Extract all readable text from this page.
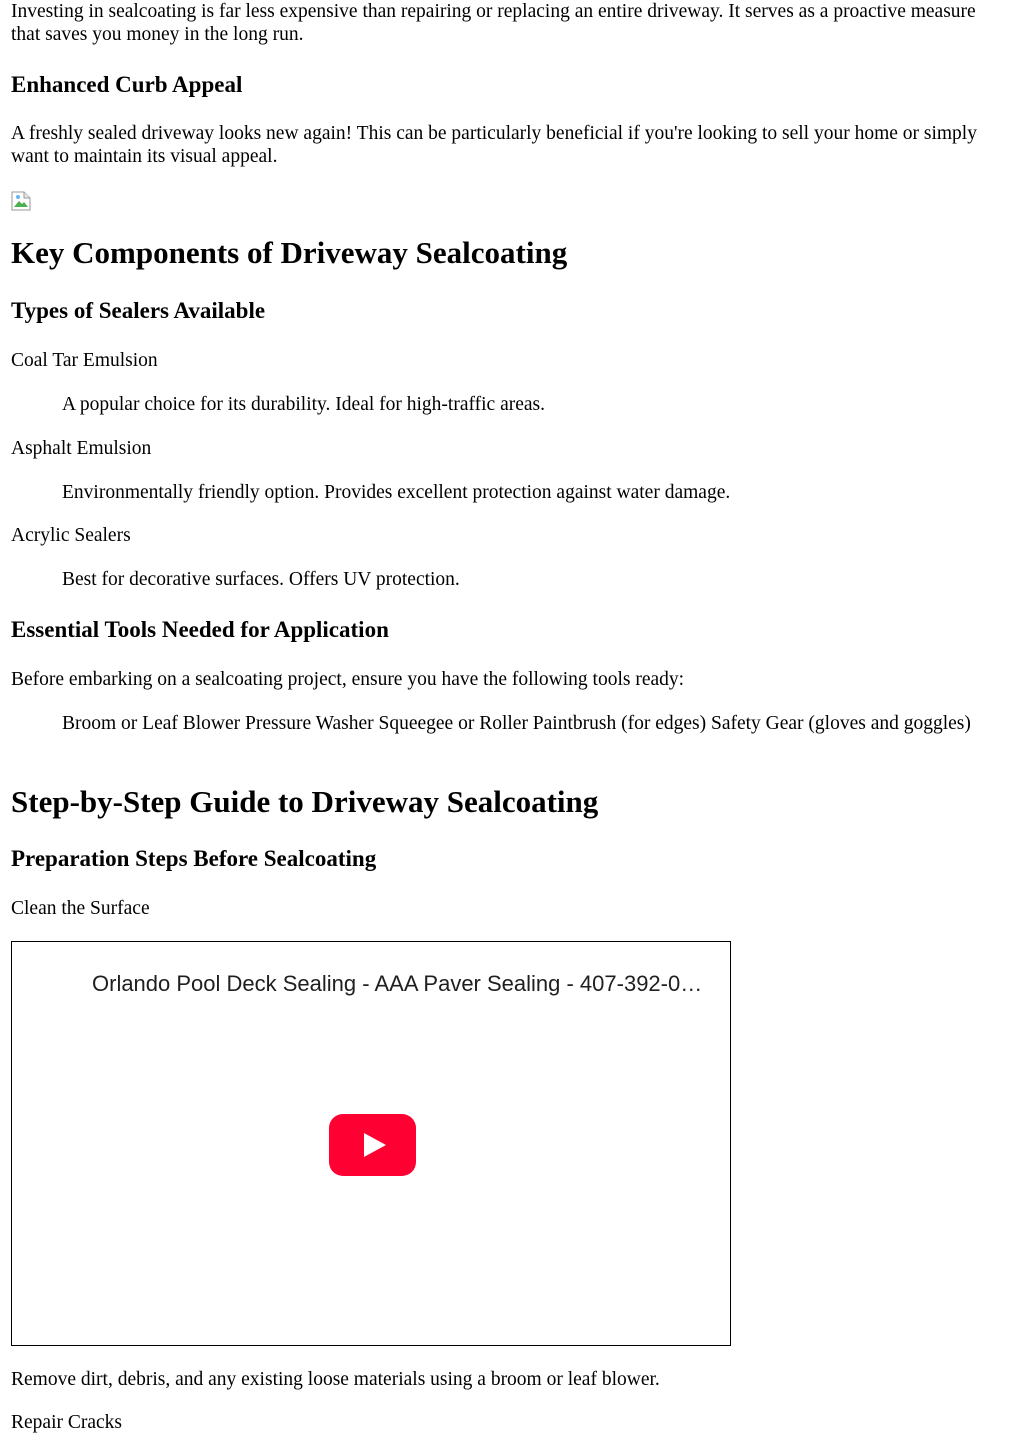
Investing in sealcoating is far less expensive than repairing or replacing an entire driveway. It serves as a proactive measure that saves you money in the long run.

Enhanced Curb Appeal

A freshly sealed driveway looks new again! This can be particularly beneficial if you're looking to sell your home or simply want to maintain its visual appeal.

Key Components of Driveway Sealcoating
Types of Sealers Available

Coal Tar Emulsion

A popular choice for its durability. Ideal for high-traffic areas.

Asphalt Emulsion

Environmentally friendly option. Provides excellent protection against water damage.

Acrylic Sealers

Best for decorative surfaces. Offers UV protection.
Essential Tools Needed for Application

Before embarking on a sealcoating project, ensure you have the following tools ready:

Broom or Leaf Blower Pressure Washer Squeegee or Roller Paintbrush (for edges) Safety Gear (gloves and goggles)
Step-by-Step Guide to Driveway Sealcoating
Preparation Steps Before Sealcoating

Clean the Surface

Orlando Pool Deck Sealing - AAA Paver Sealing - 407-392-0…

Remove dirt, debris, and any existing loose materials using a broom or leaf blower.

Repair Cracks
